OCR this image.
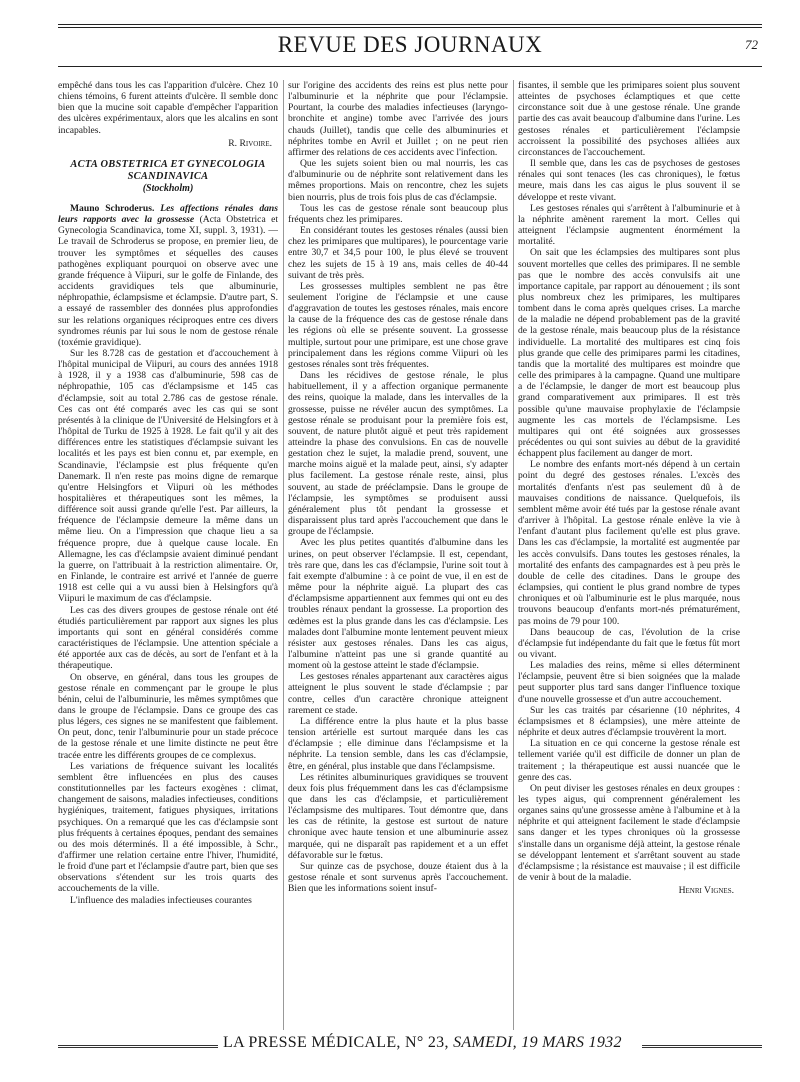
REVUE DES JOURNAUX	72

empêché dans tous les cas l'apparition d'ulcère. Chez 10 chiens témoins, 6 furent atteints d'ulcère. Il semble donc bien que la mucine soit capable d'empêcher l'apparition des ulcères expérimentaux, alors que les alcalins en sont incapables.

R. Rivoire.
ACTA OBSTETRICA ET GYNECOLOGIA SCANDINAVICA
(Stockholm)

Mauno Schroderus. Les affections rénales dans leurs rapports avec la grossesse (Acta Obstetrica et Gynecologia Scandinavica, tome XI, suppl. 3, 1931). — Le travail de Schroderus se propose, en premier lieu, de trouver les symptômes et séquelles des causes pathogènes expliquant pourquoi on observe avec une grande fréquence à Viipuri, sur le golfe de Finlande, des accidents gravidiques tels que albuminurie, néphropathie, éclampsisme et éclampsie. D'autre part, S. a essayé de rassembler des données plus approfondies sur les relations organiques réciproques entre ces divers syndromes réunis par lui sous le nom de gestose rénale (toxémie gravidique).

Sur les 8.728 cas de gestation et d'accouchement à l'hôpital municipal de Viipuri, au cours des années 1918 à 1928, il y a 1938 cas d'albuminurie, 598 cas de néphropathie, 105 cas d'éclampsisme et 145 cas d'éclampsie, soit au total 2.786 cas de gestose rénale. Ces cas ont été comparés avec les cas qui se sont présentés à la clinique de l'Université de Helsingfors et à l'hôpital de Turku de 1925 à 1928. Le fait qu'il y ait des différences entre les statistiques d'éclampsie suivant les localités et les pays est bien connu et, par exemple, en Scandinavie, l'éclampsie est plus fréquente qu'en Danemark. Il n'en reste pas moins digne de remarque qu'entre Helsingfors et Viipuri où les méthodes hospitalières et thérapeutiques sont les mêmes, la différence soit aussi grande qu'elle l'est. Par ailleurs, la fréquence de l'éclampsie demeure la même dans un même lieu. On a l'impression que chaque lieu a sa fréquence propre, due à quelque cause locale. En Allemagne, les cas d'éclampsie avaient diminué pendant la guerre, on l'attribuait à la restriction alimentaire. Or, en Finlande, le contraire est arrivé et l'année de guerre 1918 est celle qui a vu aussi bien à Helsingfors qu'à Viipuri le maximum de cas d'éclampsie.

Les cas des divers groupes de gestose rénale ont été étudiés particulièrement par rapport aux signes les plus importants qui sont en général considérés comme caractéristiques de l'éclampsie. Une attention spéciale a été apportée aux cas de décès, au sort de l'enfant et à la thérapeutique.

On observe, en général, dans tous les groupes de gestose rénale en commençant par le groupe le plus bénin, celui de l'albuminurie, les mêmes symptômes que dans le groupe de l'éclampsie. Dans ce groupe des cas plus légers, ces signes ne se manifestent que faiblement. On peut, donc, tenir l'albuminurie pour un stade précoce de la gestose rénale et une limite distincte ne peut être tracée entre les différents groupes de ce complexus.

Les variations de fréquence suivant les localités semblent être influencées en plus des causes constitutionnelles par les facteurs exogènes : climat, changement de saisons, maladies infectieuses, conditions hygiéniques, traitement, fatigues physiques, irritations psychiques. On a remarqué que les cas d'éclampsie sont plus fréquents à certaines époques, pendant des semaines ou des mois déterminés. Il a été impossible, à Schr., d'affirmer une relation certaine entre l'hiver, l'humidité, le froid d'une part et l'éclampsie d'autre part, bien que ses observations s'étendent sur les trois quarts des accouchements de la ville.

L'influence des maladies infectieuses courantes

sur l'origine des accidents des reins est plus nette pour l'albuminurie et la néphrite que pour l'éclampsie. Pourtant, la courbe des maladies infectieuses (laryngo-bronchite et angine) tombe avec l'arrivée des jours chauds (Juillet), tandis que celle des albuminuries et néphrites tombe en Avril et Juillet ; on ne peut rien affirmer des relations de ces accidents avec l'infection.

Que les sujets soient bien ou mal nourris, les cas d'albuminurie ou de néphrite sont relativement dans les mêmes proportions. Mais on rencontre, chez les sujets bien nourris, plus de trois fois plus de cas d'éclampsie.

Tous les cas de gestose rénale sont beaucoup plus fréquents chez les primipares.

En considérant toutes les gestoses rénales (aussi bien chez les primipares que multipares), le pourcentage varie entre 30,7 et 34,5 pour 100, le plus élevé se trouvent chez les sujets de 15 à 19 ans, mais celles de 40-44 suivant de très près.

Les grossesses multiples semblent ne pas être seulement l'origine de l'éclampsie et une cause d'aggravation de toutes les gestoses rénales, mais encore la cause de la fréquence des cas de gestose rénale dans les régions où elle se présente souvent. La grossesse multiple, surtout pour une primipare, est une chose grave principalement dans les régions comme Viipuri où les gestoses rénales sont très fréquentes.

Dans les récidives de gestose rénale, le plus habituellement, il y a affection organique permanente des reins, quoique la malade, dans les intervalles de la grossesse, puisse ne révéler aucun des symptômes. La gestose rénale se produisant pour la première fois est, souvent, de nature plutôt aiguë et peut très rapidement atteindre la phase des convulsions. En cas de nouvelle gestation chez le sujet, la maladie prend, souvent, une marche moins aiguë et la malade peut, ainsi, s'y adapter plus facilement. La gestose rénale reste, ainsi, plus souvent, au stade de prééclampsie. Dans le groupe de l'éclampsie, les symptômes se produisent aussi généralement plus tôt pendant la grossesse et disparaissent plus tard après l'accouchement que dans le groupe de l'éclampsie.

Avec les plus petites quantités d'albumine dans les urines, on peut observer l'éclampsie. Il est, cependant, très rare que, dans les cas d'éclampsie, l'urine soit tout à fait exempte d'albumine : à ce point de vue, il en est de même pour la néphrite aiguë. La plupart des cas d'éclampsisme appartiennent aux femmes qui ont eu des troubles rénaux pendant la grossesse. La proportion des œdèmes est la plus grande dans les cas d'éclampsie. Les malades dont l'albumine monte lentement peuvent mieux résister aux gestoses rénales. Dans les cas aigus, l'albumine n'atteint pas une si grande quantité au moment où la gestose atteint le stade d'éclampsie.

Les gestoses rénales appartenant aux caractères aigus atteignent le plus souvent le stade d'éclampsie ; par contre, celles d'un caractère chronique atteignent rarement ce stade.

La différence entre la plus haute et la plus basse tension artérielle est surtout marquée dans les cas d'éclampsie ; elle diminue dans l'éclampsisme et la néphrite. La tension semble, dans les cas d'éclampsie, être, en général, plus instable que dans l'éclampsisme.

Les rétinites albuminuriques gravidiques se trouvent deux fois plus fréquemment dans les cas d'éclampsisme que dans les cas d'éclampsie, et particulièrement l'éclampsisme des multipares. Tout démontre que, dans les cas de rétinite, la gestose est surtout de nature chronique avec haute tension et une albuminurie assez marquée, qui ne disparaît pas rapidement et a un effet défavorable sur le fœtus.

Sur quinze cas de psychose, douze étaient dus à la gestose rénale et sont survenus après l'accouchement. Bien que les informations soient insuf-

fisantes, il semble que les primipares soient plus souvent atteintes de psychoses éclamptiques et que cette circonstance soit due à une gestose rénale. Une grande partie des cas avait beaucoup d'albumine dans l'urine. Les gestoses rénales et particulièrement l'éclampsie accroissent la possibilité des psychoses alliées aux circonstances de l'accouchement.

Il semble que, dans les cas de psychoses de gestoses rénales qui sont tenaces (les cas chroniques), le fœtus meure, mais dans les cas aigus le plus souvent il se développe et reste vivant.

Les gestoses rénales qui s'arrêtent à l'albuminurie et à la néphrite amènent rarement la mort. Celles qui atteignent l'éclampsie augmentent énormément la mortalité.

On sait que les éclampsies des multipares sont plus souvent mortelles que celles des primipares. Il ne semble pas que le nombre des accès convulsifs ait une importance capitale, par rapport au dénouement ; ils sont plus nombreux chez les primipares, les multipares tombent dans le coma après quelques crises. La marche de la maladie ne dépend probablement pas de la gravité de la gestose rénale, mais beaucoup plus de la résistance individuelle. La mortalité des multipares est cinq fois plus grande que celle des primipares parmi les citadines, tandis que la mortalité des multipares est moindre que celle des primipares à la campagne. Quand une multipare a de l'éclampsie, le danger de mort est beaucoup plus grand comparativement aux primipares. Il est très possible qu'une mauvaise prophylaxie de l'éclampsie augmente les cas mortels de l'éclampsisme. Les multipares qui ont été soignées aux grossesses précédentes ou qui sont suivies au début de la gravidité échappent plus facilement au danger de mort.

Le nombre des enfants mort-nés dépend à un certain point du degré des gestoses rénales. L'excès des mortalités d'enfants n'est pas seulement dû à de mauvaises conditions de naissance. Quelquefois, ils semblent même avoir été tués par la gestose rénale avant d'arriver à l'hôpital. La gestose rénale enlève la vie à l'enfant d'autant plus facilement qu'elle est plus grave. Dans les cas d'éclampsie, la mortalité est augmentée par les accès convulsifs. Dans toutes les gestoses rénales, la mortalité des enfants des campagnardes est à peu près le double de celle des citadines. Dans le groupe des éclampsies, qui contient le plus grand nombre de types chroniques et où l'albuminurie est le plus marquée, nous trouvons beaucoup d'enfants mort-nés prématurément, pas moins de 79 pour 100.

Dans beaucoup de cas, l'évolution de la crise d'éclampsie fut indépendante du fait que le fœtus fût mort ou vivant.

Les maladies des reins, même si elles déterminent l'éclampsie, peuvent être si bien soignées que la malade peut supporter plus tard sans danger l'influence toxique d'une nouvelle grossesse et d'un autre accouchement.

Sur les cas traités par césarienne (10 néphrites, 4 éclampsismes et 8 éclampsies), une mère atteinte de néphrite et deux autres d'éclampsie trouvèrent la mort.

La situation en ce qui concerne la gestose rénale est tellement variée qu'il est difficile de donner un plan de traitement ; la thérapeutique est aussi nuancée que le genre des cas.

On peut diviser les gestoses rénales en deux groupes : les types aigus, qui comprennent généralement les organes sains qu'une grossesse amène à l'albumine et à la néphrite et qui atteignent facilement le stade d'éclampsie sans danger et les types chroniques où la grossesse s'installe dans un organisme déjà atteint, la gestose rénale se développant lentement et s'arrêtant souvent au stade d'éclampsisme ; la résistance est mauvaise ; il est difficile de venir à bout de la maladie.

Henri Vignes.
LA PRESSE MÉDICALE, N° 23, SAMEDI, 19 MARS 1932
